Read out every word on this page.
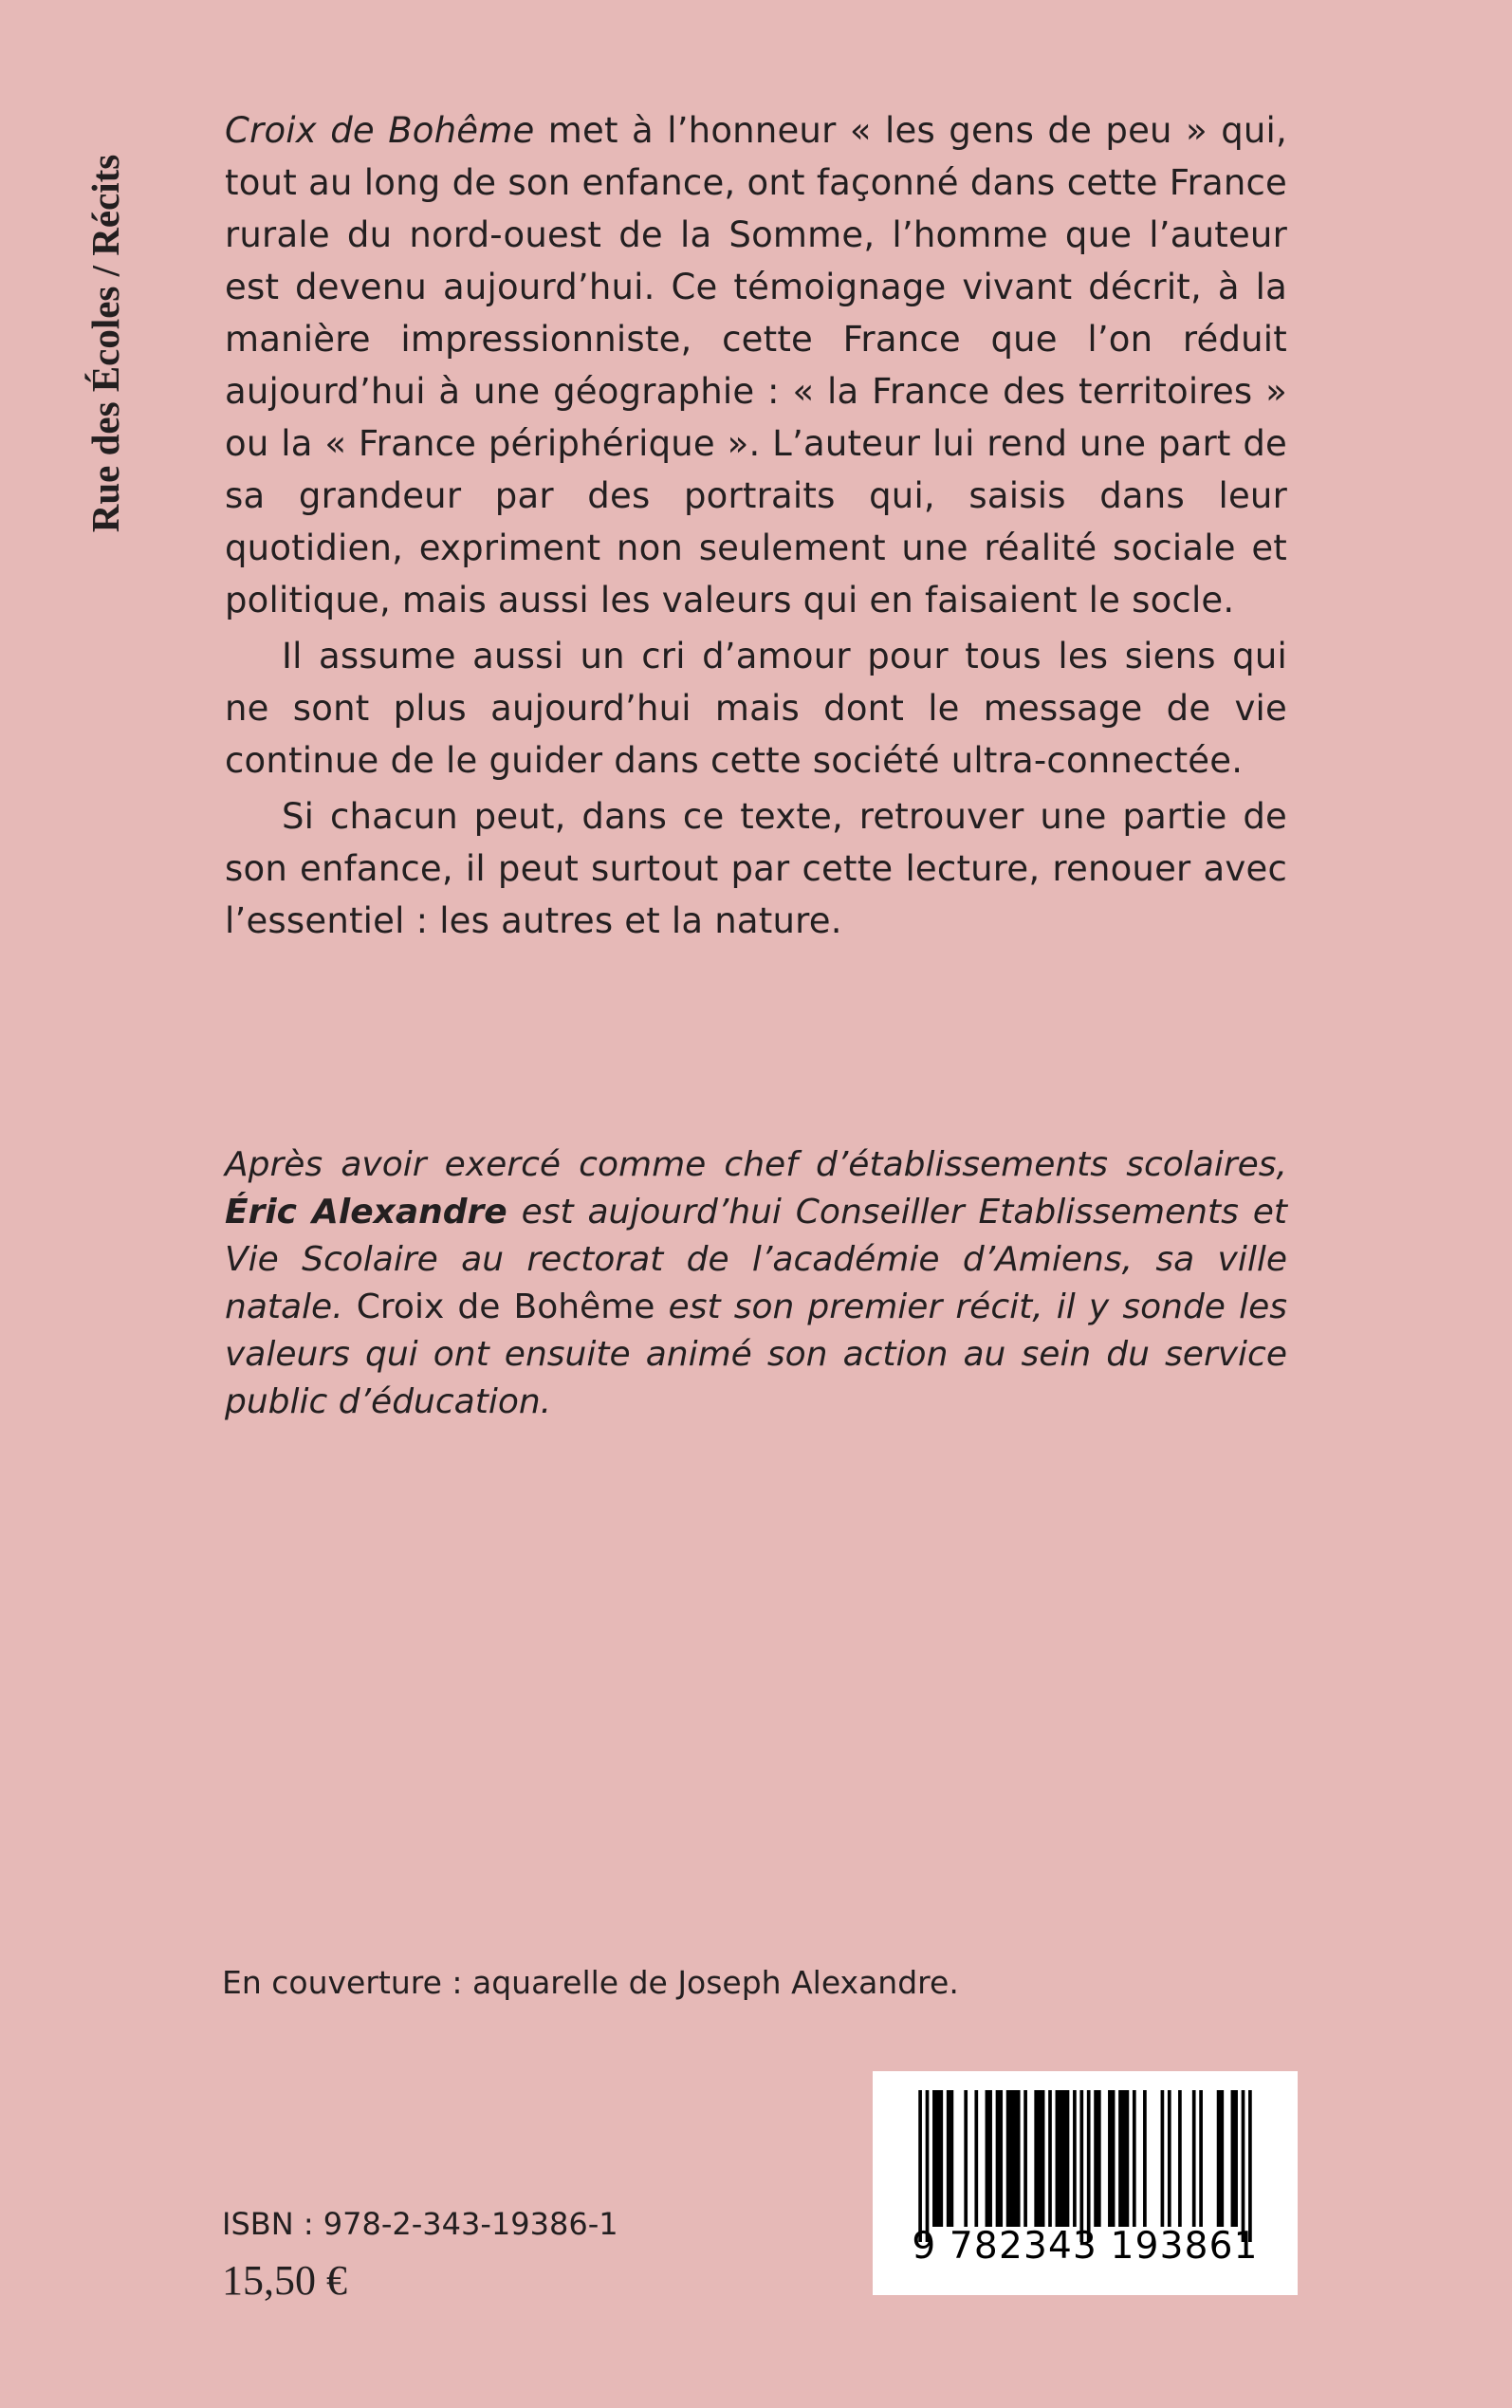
Rue des Écoles / Récits

Croix de Bohême met à l’honneur « les gens de peu » qui, tout au long de son enfance, ont façonné dans cette France rurale du nord-ouest de la Somme, l’homme que l’auteur est devenu aujourd’hui. Ce témoignage vivant décrit, à la manière impressionniste, cette France que l’on réduit aujourd’hui à une géographie : « la France des territoires » ou la « France périphérique ». L’auteur lui rend une part de sa grandeur par des portraits qui, saisis dans leur quotidien, expriment non seulement une réalité sociale et politique, mais aussi les valeurs qui en faisaient le socle.

Il assume aussi un cri d’amour pour tous les siens qui ne sont plus aujourd’hui mais dont le message de vie continue de le guider dans cette société ultra-connectée.

Si chacun peut, dans ce texte, retrouver une partie de son enfance, il peut surtout par cette lecture, renouer avec l’essentiel : les autres et la nature.

Après avoir exercé comme chef d’établissements scolaires, Éric Alexandre est aujourd’hui Conseiller Etablissements et Vie Scolaire au rectorat de l’académie d’Amiens, sa ville natale. Croix de Bohême est son premier récit, il y sonde les valeurs qui ont ensuite animé son action au sein du service public d’éducation.

En couverture : aquarelle de Joseph Alexandre.
ISBN : 978-2-343-19386-1
15,50 €
9 782343 193861
